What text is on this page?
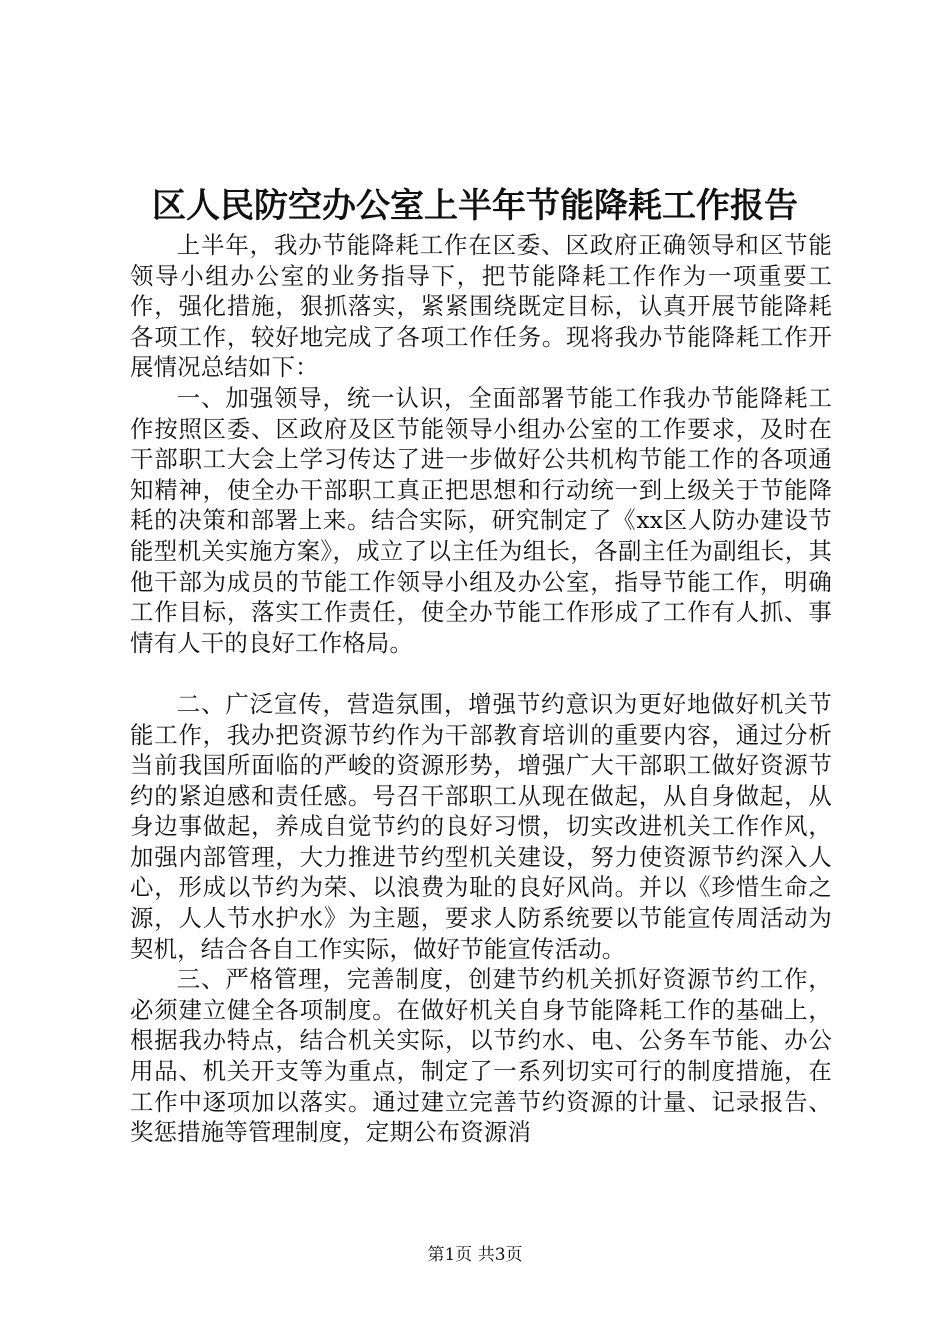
区人民防空办公室上半年节能降耗工作报告

上半年，我办节能降耗工作在区委、区政府正确领导和区节能领导小组办公室的业务指导下，把节能降耗工作作为一项重要工作，强化措施，狠抓落实，紧紧围绕既定目标，认真开展节能降耗各项工作，较好地完成了各项工作任务。现将我办节能降耗工作开展情况总结如下：

一、加强领导，统一认识，全面部署节能工作我办节能降耗工作按照区委、区政府及区节能领导小组办公室的工作要求，及时在干部职工大会上学习传达了进一步做好公共机构节能工作的各项通知精神，使全办干部职工真正把思想和行动统一到上级关于节能降耗的决策和部署上来。结合实际，研究制定了《xx区人防办建设节能型机关实施方案》，成立了以主任为组长，各副主任为副组长，其他干部为成员的节能工作领导小组及办公室，指导节能工作，明确工作目标，落实工作责任，使全办节能工作形成了工作有人抓、事情有人干的良好工作格局。

二、广泛宣传，营造氛围，增强节约意识为更好地做好机关节能工作，我办把资源节约作为干部教育培训的重要内容，通过分析当前我国所面临的严峻的资源形势，增强广大干部职工做好资源节约的紧迫感和责任感。号召干部职工从现在做起，从自身做起，从身边事做起，养成自觉节约的良好习惯，切实改进机关工作作风，加强内部管理，大力推进节约型机关建设，努力使资源节约深入人心，形成以节约为荣、以浪费为耻的良好风尚。并以《珍惜生命之源，人人节水护水》为主题，要求人防系统要以节能宣传周活动为契机，结合各自工作实际，做好节能宣传活动。

三、严格管理，完善制度，创建节约机关抓好资源节约工作，必须建立健全各项制度。在做好机关自身节能降耗工作的基础上，根据我办特点，结合机关实际，以节约水、电、公务车节能、办公用品、机关开支等为重点，制定了一系列切实可行的制度措施，在工作中逐项加以落实。通过建立完善节约资源的计量、记录报告、奖惩措施等管理制度，定期公布资源消

第1页 共3页
